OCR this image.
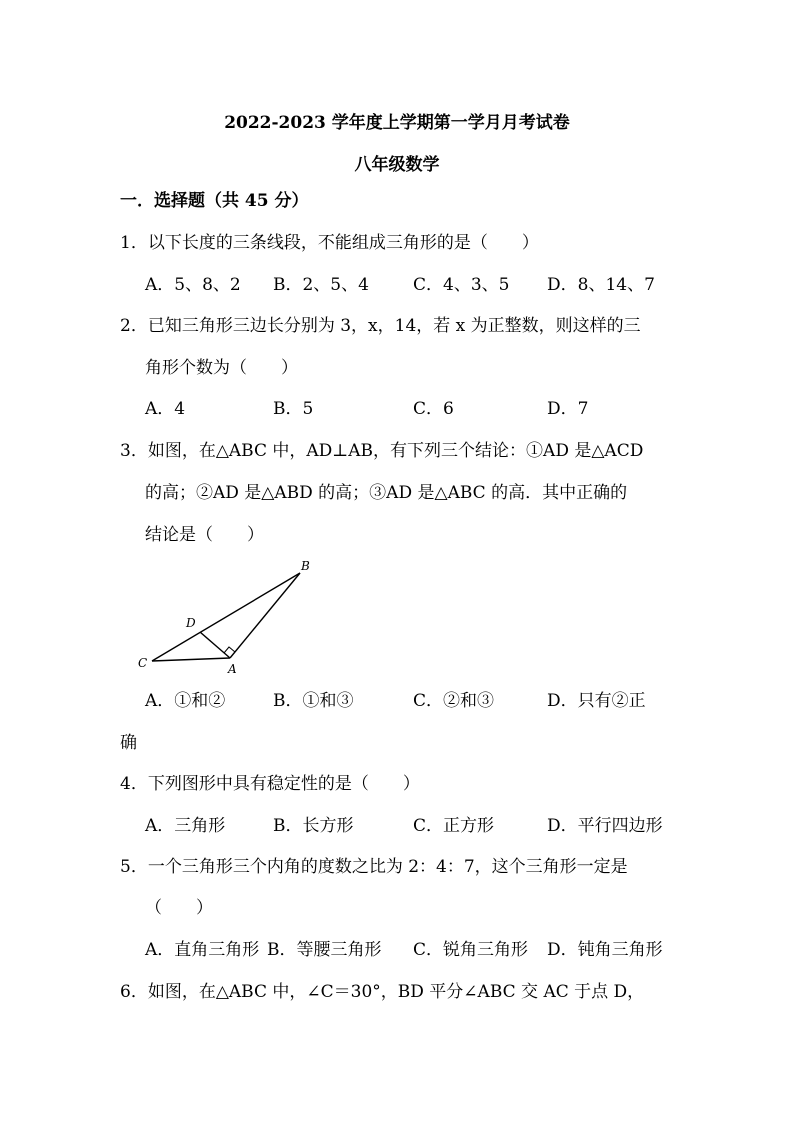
2022-2023 学年度上学期第一学月月考试卷
八年级数学
一．选择题（共 45 分）
1．以下长度的三条线段，不能组成三角形的是（　　）
A．5、8、2 B．2、5、4	C．4、3、5 D．8、14、7
2．已知三角形三边长分别为 3，x，14，若 x 为正整数，则这样的三
角形个数为（　　）
A．4	B．5	C．6	D．7
3．如图，在△ABC 中，AD⊥AB，有下列三个结论：①AD 是△ACD
的高；②AD 是△ABD 的高；③AD 是△ABC 的高．其中正确的
结论是（　　）
B
D
C	A
A．①和②	B．①和③	C．②和③	D．只有②正
确
4．下列图形中具有稳定性的是（　　）
A．三角形	B．长方形	C．正方形	D．平行四边形
5．一个三角形三个内角的度数之比为 2：4：7，这个三角形一定是
（　　）
A．直角三角形 B．等腰三角形 C．锐角三角形 D．钝角三角形
6．如图，在△ABC 中，∠C＝30°，BD 平分∠ABC 交 AC 于点 D，
